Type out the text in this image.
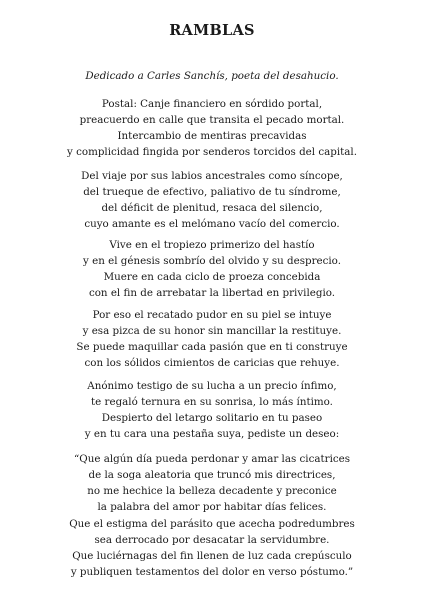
RAMBLAS

Dedicado a Carles Sanchís, poeta del desahucio.

Postal: Canje financiero en sórdido portal,
preacuerdo en calle que transita el pecado mortal.
Intercambio de mentiras precavidas
y complicidad fingida por senderos torcidos del capital.
Del viaje por sus labios ancestrales como síncope,
del trueque de efectivo, paliativo de tu síndrome,
del déficit de plenitud, resaca del silencio,
cuyo amante es el melómano vacío del comercio.
Vive en el tropiezo primerizo del hastío
y en el génesis sombrío del olvido y su desprecio.
Muere en cada ciclo de proeza concebida
con el fin de arrebatar la libertad en privilegio.
Por eso el recatado pudor en su piel se intuye
y esa pizca de su honor sin mancillar la restituye.
Se puede maquillar cada pasión que en ti construye
con los sólidos cimientos de caricias que rehuye.
Anónimo testigo de su lucha a un precio ínfimo,
te regaló ternura en su sonrisa, lo más íntimo.
Despierto del letargo solitario en tu paseo
y en tu cara una pestaña suya, pediste un deseo:
“Que algún día pueda perdonar y amar las cicatrices
de la soga aleatoria que truncó mis directrices,
no me hechice la belleza decadente y preconice
la palabra del amor por habitar días felices.
Que el estigma del parásito que acecha podredumbres
sea derrocado por desacatar la servidumbre.
Que luciérnagas del fin llenen de luz cada crepúsculo
y publiquen testamentos del dolor en verso póstumo.”
